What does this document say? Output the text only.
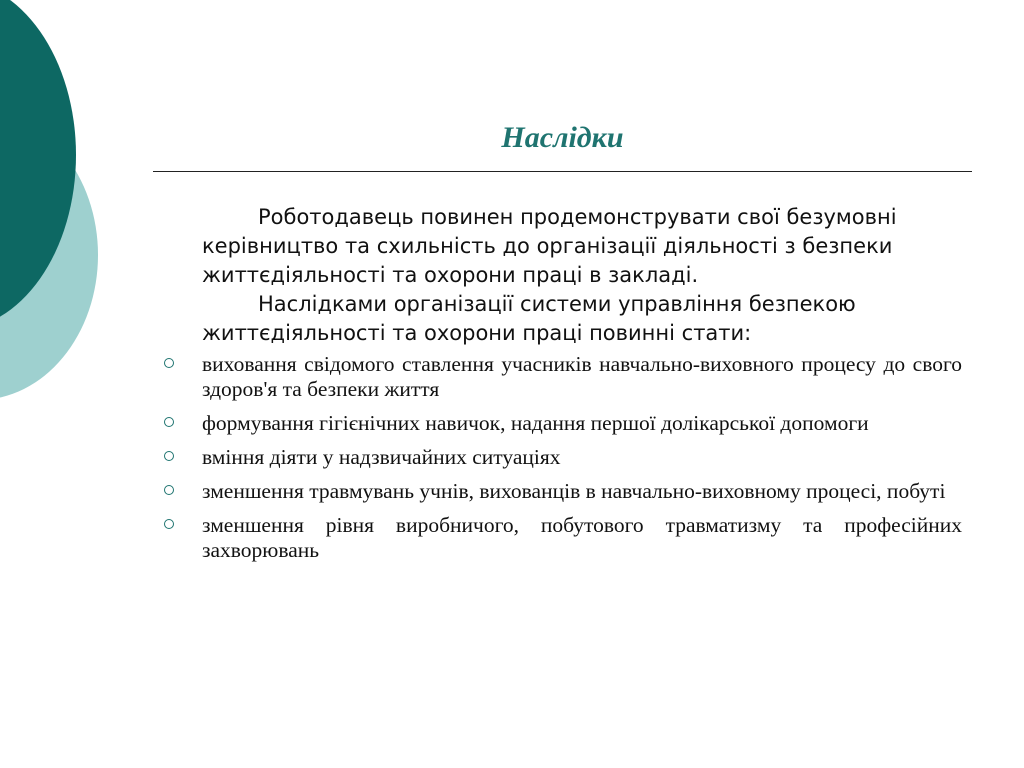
Наслідки

Роботодавець повинен продемонструвати свої безумовні керівництво та схильність до організації діяльності з безпеки життєдіяльності та охорони праці в закладі.

Наслідками організації системи управління безпекою життєдіяльності та охорони праці повинні стати:

виховання свідомого ставлення учасників навчально-виховного процесу до свого здоров'я та безпеки життя
формування гігієнічних навичок, надання першої долікарської допомоги
вміння діяти у надзвичайних ситуаціях
зменшення травмувань учнів, вихованців в навчально-виховному процесі, побуті
зменшення рівня виробничого, побутового травматизму та професійних захворювань
